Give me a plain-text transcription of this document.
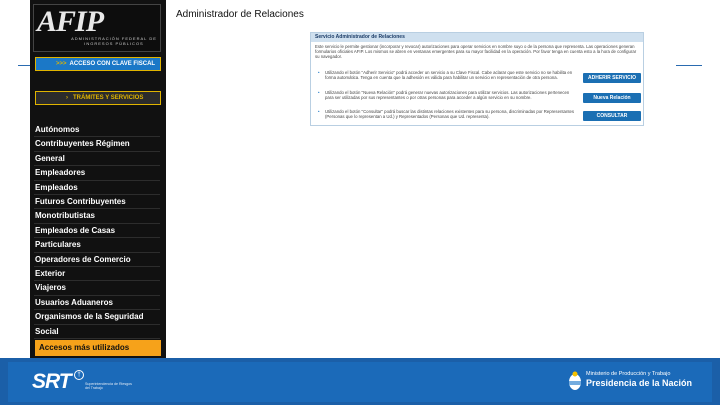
AFIP
ADMINISTRACIÓN FEDERAL DE INGRESOS PÚBLICOS
>>> ACCESO CON CLAVE FISCAL
› TRÁMITES Y SERVICIOS
Autónomos
Contribuyentes Régimen
General
Empleadores
Empleados
Futuros Contribuyentes
Monotributistas
Empleados de Casas
Particulares
Operadores de Comercio
Exterior
Viajeros
Usuarios Aduaneros
Organismos de la Seguridad
Social
Accesos más utilizados
Administrador de Relaciones
Servicio Administrador de Relaciones
Este servicio le permite gestionar (incorporar y revocar) autorizaciones para operar servicios en nombre suyo o de la persona que representa. Las operaciones generan formularios oficiales AFIP. Los mismos se abren en ventanas emergentes para su mayor facilidad en la operación. Por favor tenga en cuenta esto a la hora de configurar su navegador.
• Utilizando el botón "Adherir Servicio" podrá acceder un servicio a su Clave Fiscal. Cabe aclarar que este servicio no se habilita en forma automática. Tenga en cuenta que la adhesión es válida para habilitar un servicio en representación de otra persona.	ADHERIR SERVICIO
• Utilizando el botón "Nueva Relación" podrá generar nuevas autorizaciones para utilizar servicios. Las autorizaciones pertenecen para ser utilizadas por sus representantes o por otras personas para acceder a algún servicio en su nombre.	Nueva Relación
• Utilizando el botón "Consultar" podrá buscar las distintas relaciones existentes para su persona, discriminadas por Representantes (Personas que lo representan a Ud.) y Representados (Personas que Ud. representa).	CONSULTAR
SRT	†
Superintendencia de Riesgos del Trabajo
Ministerio de Producción y Trabajo
Presidencia de la Nación
